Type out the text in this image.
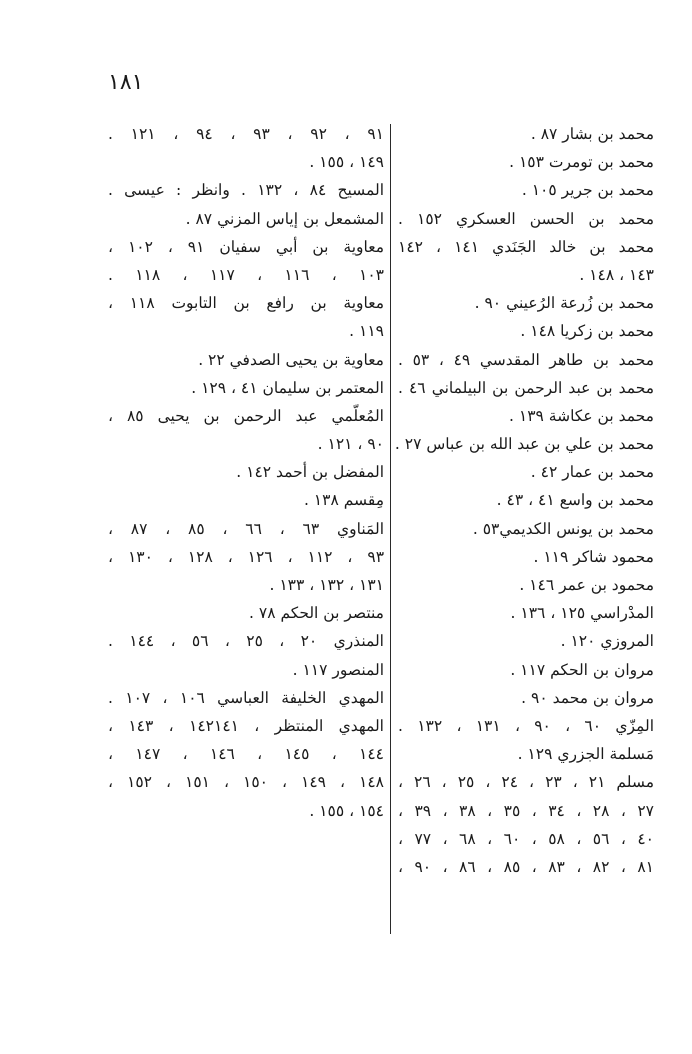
١٨١
محمد بن بشار ٨٧ .
محمد بن تومرت ١٥٣ .
محمد بن جرير ١٠٥ .
محمد بن الحسن العسكري ١٥٢ .
محمد بن خالد الجَنَدي ١٤١ ، ١٤٢
١٤٣ ، ١٤٨ .
محمد بن زُرعة الرُعيني ٩٠ .
محمد بن زكريا ١٤٨ .
محمد بن طاهر المقدسي ٤٩ ، ٥٣ .
محمد بن عبد الرحمن بن البيلماني ٤٦ .
محمد بن عكاشة ١٣٩ .
محمد بن علي بن عبد الله بن عباس ٢٧ .
محمد بن عمار ٤٢ .
محمد بن واسع ٤١ ، ٤٣ .
محمد بن يونس الكديمي٥٣ .
محمود شاكر ١١٩ .
محمود بن عمر ١٤٦ .
المدْراسي ١٢٥ ، ١٣٦ .
المروزي ١٢٠ .
مروان بن الحكم ١١٧ .
مروان بن محمد ٩٠ .
المِزّي ٦٠ ، ٩٠ ، ١٣١ ، ١٣٢ .
مَسلمة الجزري ١٢٩ .
مسلم ٢١ ، ٢٣ ، ٢٤ ، ٢٥ ، ٢٦ ،
٢٧ ، ٢٨ ، ٣٤ ، ٣٥ ، ٣٨ ، ٣٩ ،
٤٠ ، ٥٦ ، ٥٨ ، ٦٠ ، ٦٨ ، ٧٧ ،
٨١ ، ٨٢ ، ٨٣ ، ٨٥ ، ٨٦ ، ٩٠ ،
٩١ ، ٩٢ ، ٩٣ ، ٩٤ ، ١٢١ .
١٤٩ ، ١٥٥ .
المسيح ٨٤ ، ١٣٢ . وانظر : عيسى .
المشمعل بن إياس المزني ٨٧ .
معاوية بن أبي سفيان ٩١ ، ١٠٢ ،
١٠٣ ، ١١٦ ، ١١٧ ، ١١٨ .
معاوية بن رافع بن التابوت ١١٨ ،
١١٩ .
معاوية بن يحيى الصدفي ٢٢ .
المعتمر بن سليمان ٤١ ، ١٢٩ .
المُعلّمي عبد الرحمن بن يحيى ٨٥ ،
٩٠ ، ١٢١ .
المفضل بن أحمد ١٤٢ .
مِقسم ١٣٨ .
المَناوي ٦٣ ، ٦٦ ، ٨٥ ، ٨٧ ،
٩٣ ، ١١٢ ، ١٢٦ ، ١٢٨ ، ١٣٠ ،
١٣١ ، ١٣٢ ، ١٣٣ .
منتصر بن الحكم ٧٨ .
المنذري ٢٠ ، ٢٥ ، ٥٦ ، ١٤٤ .
المنصور ١١٧ .
المهدي الخليفة العباسي ١٠٦ ، ١٠٧ .
المهدي المنتظر ، ١٤٢١٤١ ، ١٤٣ ،
١٤٤ ، ١٤٥ ، ١٤٦ ، ١٤٧ ،
١٤٨ ، ١٤٩ ، ١٥٠ ، ١٥١ ، ١٥٢ ،
١٥٤ ، ١٥٥ .
